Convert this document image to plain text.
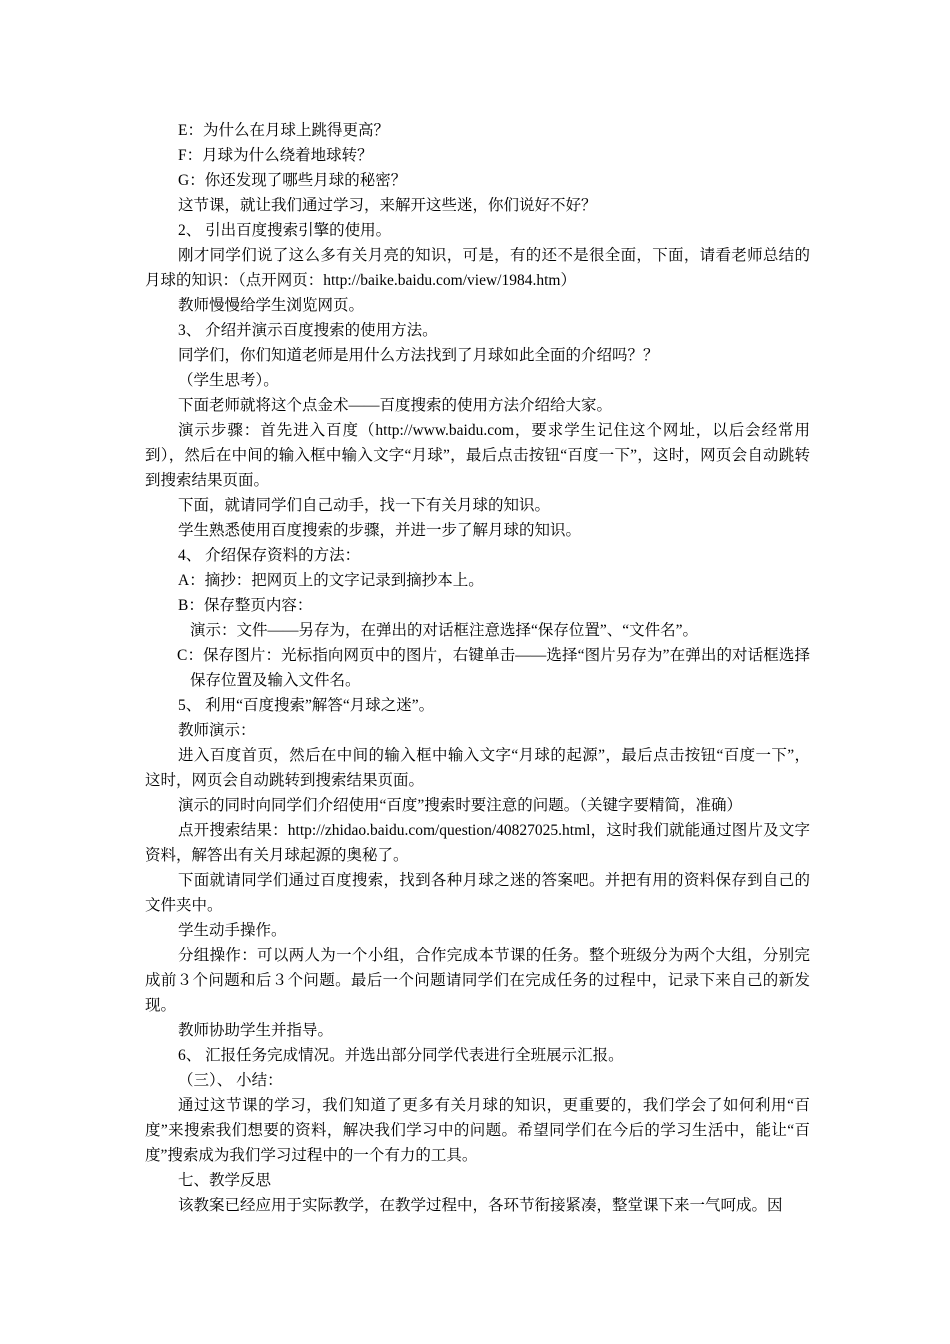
E：为什么在月球上跳得更高？

F：月球为什么绕着地球转？

G：你还发现了哪些月球的秘密？

这节课，就让我们通过学习，来解开这些迷，你们说好不好？

2、 引出百度搜索引擎的使用。

刚才同学们说了这么多有关月亮的知识，可是，有的还不是很全面，下面，请看老师总结的月球的知识：（点开网页：http://baike.baidu.com/view/1984.htm）

教师慢慢给学生浏览网页。

3、 介绍并演示百度搜索的使用方法。

同学们，你们知道老师是用什么方法找到了月球如此全面的介绍吗？？

（学生思考）。

下面老师就将这个点金术——百度搜索的使用方法介绍给大家。

演示步骤：首先进入百度（http://www.baidu.com，要求学生记住这个网址，以后会经常用到），然后在中间的输入框中输入文字“月球”，最后点击按钮“百度一下”，这时，网页会自动跳转到搜索结果页面。

下面，就请同学们自己动手，找一下有关月球的知识。

学生熟悉使用百度搜索的步骤，并进一步了解月球的知识。

4、 介绍保存资料的方法：

A：摘抄：把网页上的文字记录到摘抄本上。

B：保存整页内容：

演示：文件——另存为，在弹出的对话框注意选择“保存位置”、“文件名”。

C：保存图片：光标指向网页中的图片，右键单击——选择“图片另存为”在弹出的对话框选择保存位置及输入文件名。

5、 利用“百度搜索”解答“月球之迷”。

教师演示：

进入百度首页，然后在中间的输入框中输入文字“月球的起源”，最后点击按钮“百度一下”，这时，网页会自动跳转到搜索结果页面。

演示的同时向同学们介绍使用“百度”搜索时要注意的问题。（关键字要精简，准确）

点开搜索结果：http://zhidao.baidu.com/question/40827025.html，这时我们就能通过图片及文字资料，解答出有关月球起源的奥秘了。

下面就请同学们通过百度搜索，找到各种月球之迷的答案吧。并把有用的资料保存到自己的文件夹中。

学生动手操作。

分组操作：可以两人为一个小组，合作完成本节课的任务。整个班级分为两个大组，分别完成前３个问题和后３个问题。最后一个问题请同学们在完成任务的过程中，记录下来自己的新发现。

教师协助学生并指导。

6、 汇报任务完成情况。并选出部分同学代表进行全班展示汇报。

（三）、 小结：

通过这节课的学习，我们知道了更多有关月球的知识，更重要的，我们学会了如何利用“百度”来搜索我们想要的资料，解决我们学习中的问题。希望同学们在今后的学习生活中，能让“百度”搜索成为我们学习过程中的一个有力的工具。

七、教学反思

该教案已经应用于实际教学，在教学过程中，各环节衔接紧凑，整堂课下来一气呵成。因
